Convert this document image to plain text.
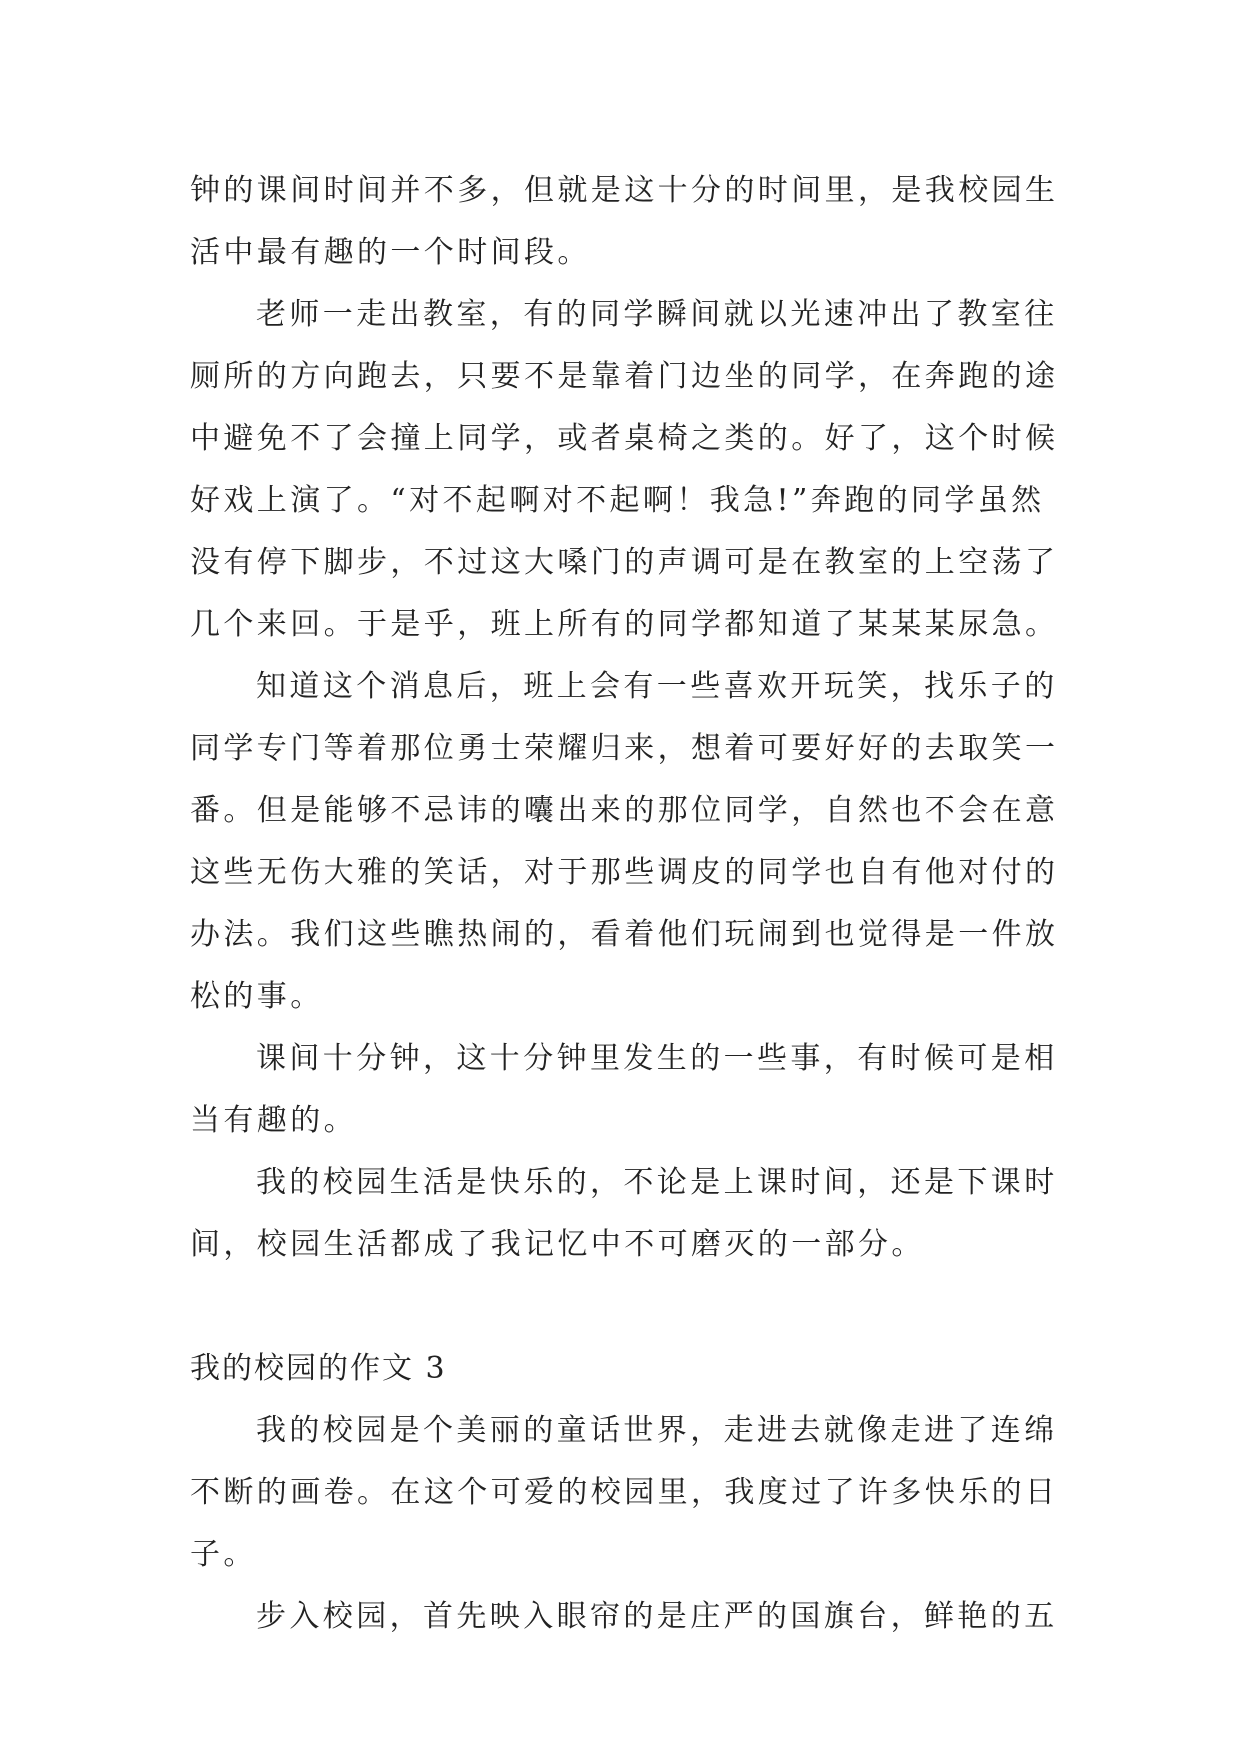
钟的课间时间并不多，但就是这十分的时间里，是我校园生
活中最有趣的一个时间段。
老师一走出教室，有的同学瞬间就以光速冲出了教室往
厕所的方向跑去，只要不是靠着门边坐的同学，在奔跑的途
中避免不了会撞上同学，或者桌椅之类的。好了，这个时候
好戏上演了。“对不起啊对不起啊！我急!”奔跑的同学虽然
没有停下脚步，不过这大嗓门的声调可是在教室的上空荡了
几个来回。于是乎，班上所有的同学都知道了某某某尿急。
知道这个消息后，班上会有一些喜欢开玩笑，找乐子的
同学专门等着那位勇士荣耀归来，想着可要好好的去取笑一
番。但是能够不忌讳的囔出来的那位同学，自然也不会在意
这些无伤大雅的笑话，对于那些调皮的同学也自有他对付的
办法。我们这些瞧热闹的，看着他们玩闹到也觉得是一件放
松的事。
课间十分钟，这十分钟里发生的一些事，有时候可是相
当有趣的。
我的校园生活是快乐的，不论是上课时间，还是下课时
间，校园生活都成了我记忆中不可磨灭的一部分。
我的校园的作文 3
我的校园是个美丽的童话世界，走进去就像走进了连绵
不断的画卷。在这个可爱的校园里，我度过了许多快乐的日
子。
步入校园，首先映入眼帘的是庄严的国旗台，鲜艳的五
